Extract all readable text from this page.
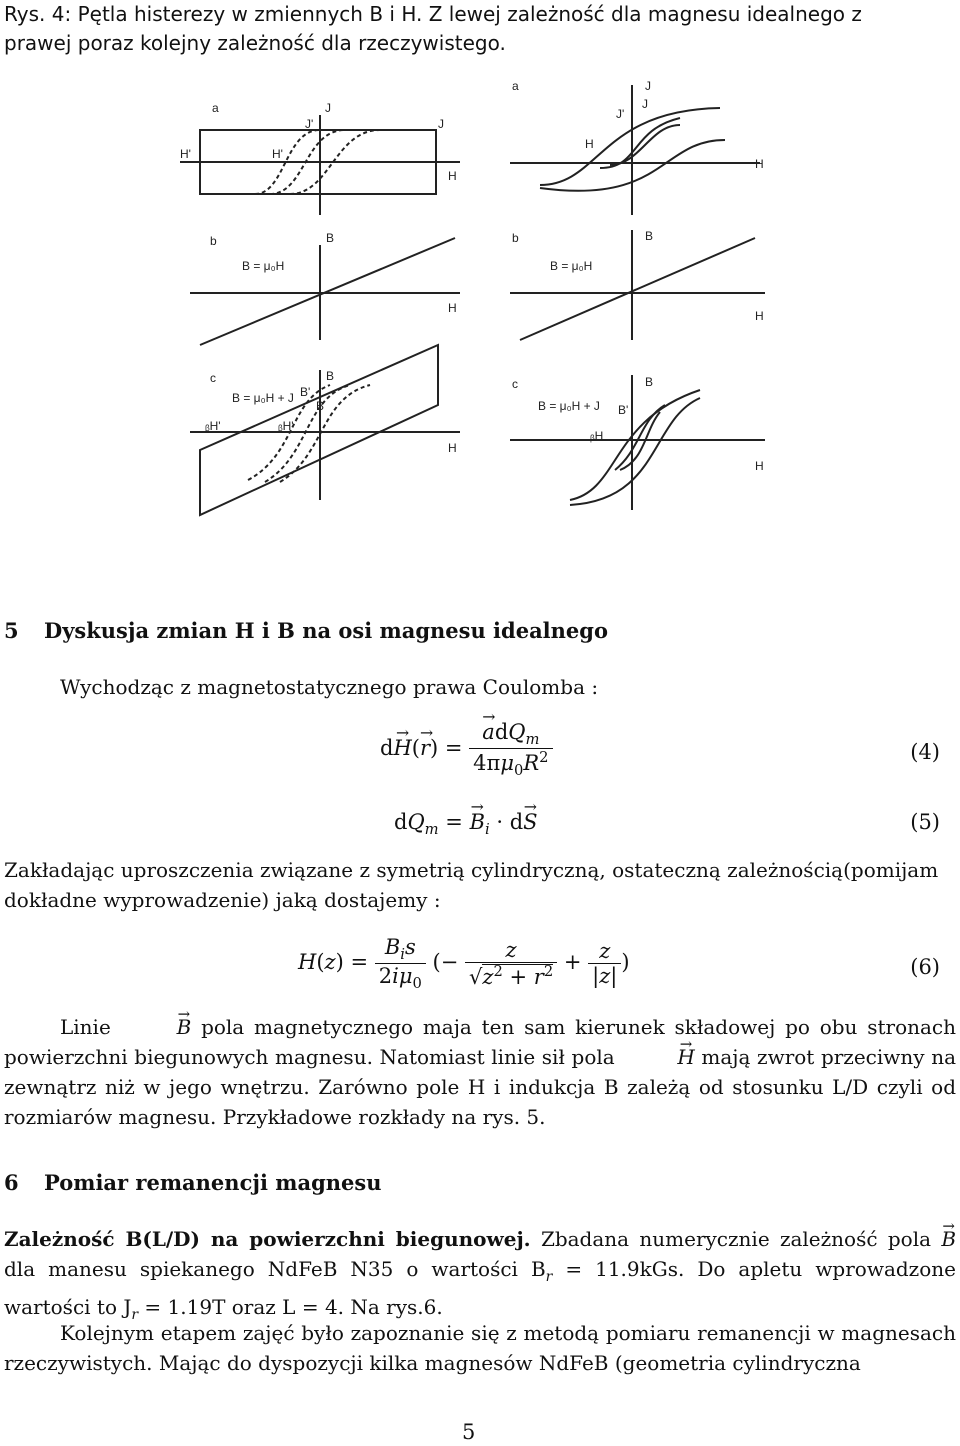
Rys. 4: Pętla histerezy w zmiennych B i H. Z lewej zależność dla magnesu idealnego z
prawej poraz kolejny zależność dla rzeczywistego.
a	J
J'	J
H'	H'
H
b	B
B = μ₀H
H
c	B
B = μ₀H + J B'
B
ᵦH'	ᵦH'
H
a	J
J'
J
H
H
b	B
B = μ₀H
H
c	B
B = μ₀H + J B'
ᵦH
H
5 Dyskusja zmian H i B na osi magnesu idealnego
Wychodząc z magnetostatycznego prawa Coulomba :
d→ H(→ r) = → $\frac{adQ_m}{4\pi\mu_0R^2}$	(4)
$dQ_m$ = → $B_i \cdot d\to S$	(5)
Zakładając uproszczenia związane z symetrią cylindryczną, ostateczną zależnością(pomijam dokładne wyprowadzenie) jaką dostajemy :
$H(z) = \frac{B_is}{2i\mu_0}$ (− $\frac{z}{√z^2 + r^2} + \frac{z}{|z|}$ )	(6)
Linie	→ B pola magnetycznego maja ten sam kierunek składowej po obu stronach powierzchni biegunowych magnesu. Natomiast linie sił pola	→ H mają zwrot przeciwny na zewnątrz niż w jego wnętrzu. Zarówno pole H i indukcja B zależą od stosunku L/D czyli od rozmiarów magnesu. Przykładowe rozkłady na rys. 5.
6 Pomiar remanencji magnesu
Zależność B(L/D) na powierzchni biegunowej. Zbadana numerycznie zależność pola → B dla manesu spiekanego NdFeB N35 o wartości $B_r = 11.9kGs$. Do apletu wprowadzone wartości to $J_r = 1.19T$ oraz L = 4. Na rys.6.
Kolejnym etapem zajęć było zapoznanie się z metodą pomiaru remanencji w magnesach rzeczywistych. Mając do dyspozycji kilka magnesów NdFeB (geometria cylindryczna
5
